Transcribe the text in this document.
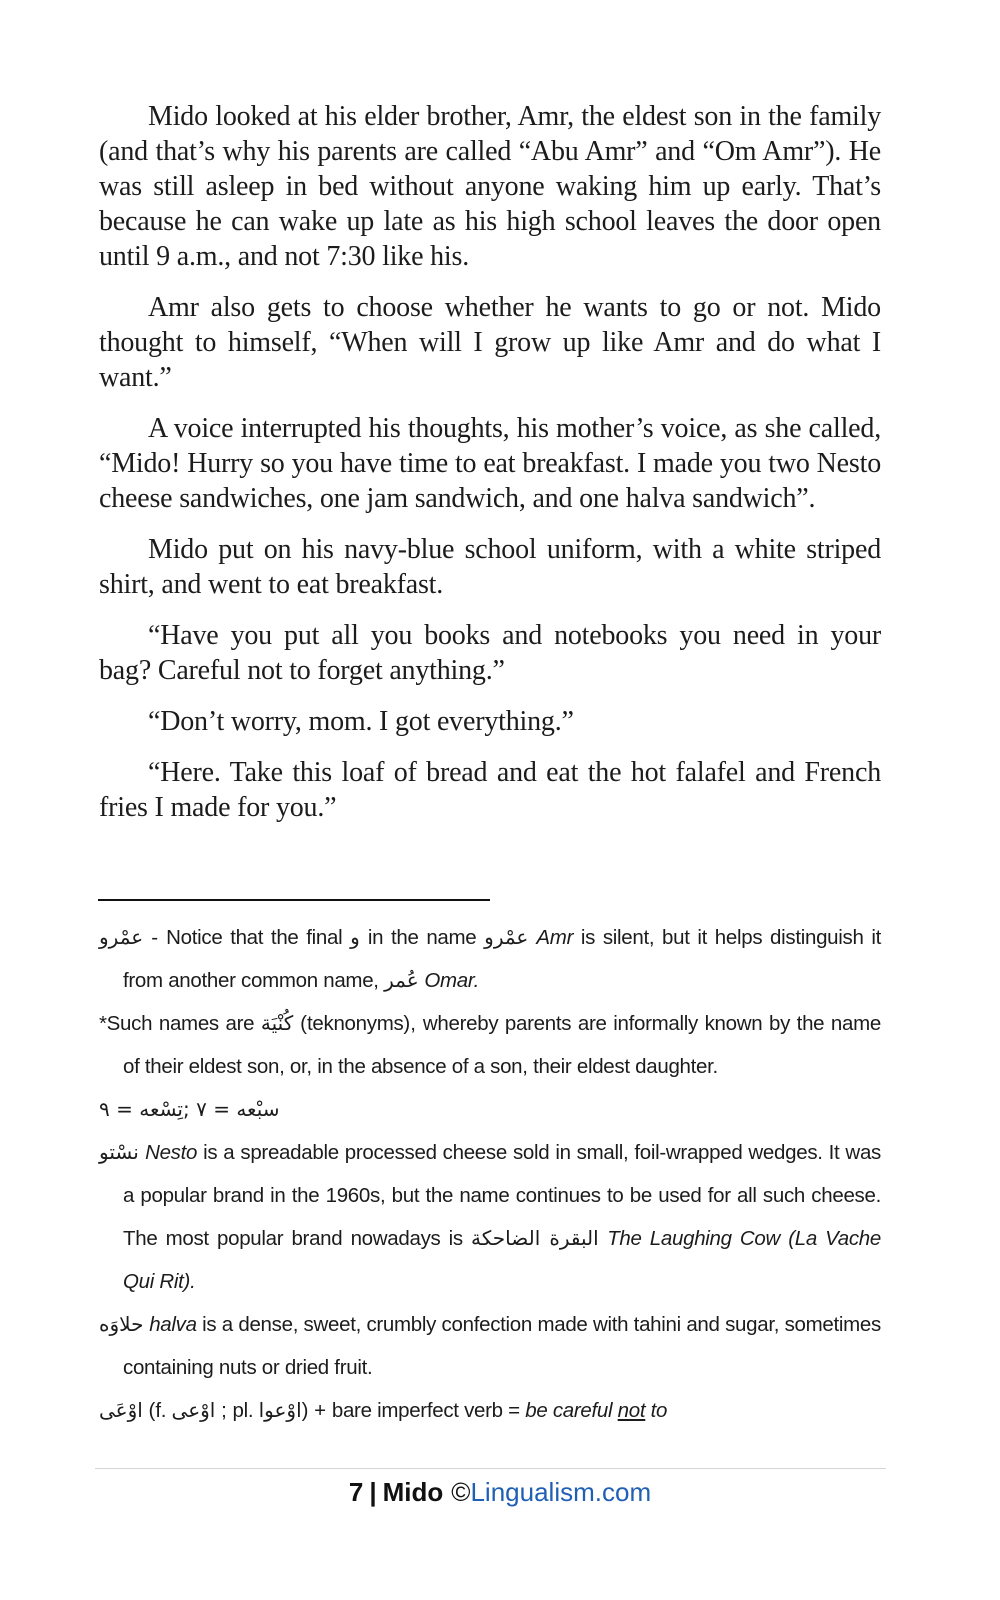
Mido looked at his elder brother, Amr, the eldest son in the family (and that’s why his parents are called “Abu Amr” and “Om Amr”). He was still asleep in bed without anyone waking him up early. That’s because he can wake up late as his high school leaves the door open until 9 a.m., and not 7:30 like his.

Amr also gets to choose whether he wants to go or not. Mido thought to himself, “When will I grow up like Amr and do what I want.”

A voice interrupted his thoughts, his mother’s voice, as she called, “Mido! Hurry so you have time to eat breakfast. I made you two Nesto cheese sandwiches, one jam sandwich, and one halva sandwich”.

Mido put on his navy-blue school uniform, with a white striped shirt, and went to eat breakfast.

“Have you put all you books and notebooks you need in your bag? Careful not to forget anything.”

“Don’t worry, mom. I got everything.”

“Here. Take this loaf of bread and eat the hot falafel and French fries I made for you.”

عمْرو - Notice that the final و in the name عمْرو Amr is silent, but it helps distinguish it from another common name, عُمر Omar.

*Such names are كُنْيَة (teknonyms), whereby parents are informally known by the name of their eldest son, or, in the absence of a son, their eldest daughter.

سبْعه = ٧ ;تِسْعه = ٩

نسْتو Nesto is a spreadable processed cheese sold in small, foil-wrapped wedges. It was a popular brand in the 1960s, but the name continues to be used for all such cheese. The most popular brand nowadays is البقرة الضاحكة The Laughing Cow (La Vache Qui Rit).

حلاوَه halva is a dense, sweet, crumbly confection made with tahini and sugar, sometimes containing nuts or dried fruit.

اوْعَى (f. اوْعى ; pl. اوْعوا) + bare imperfect verb = be careful not to

7 | Mido ©Lingualism.com
